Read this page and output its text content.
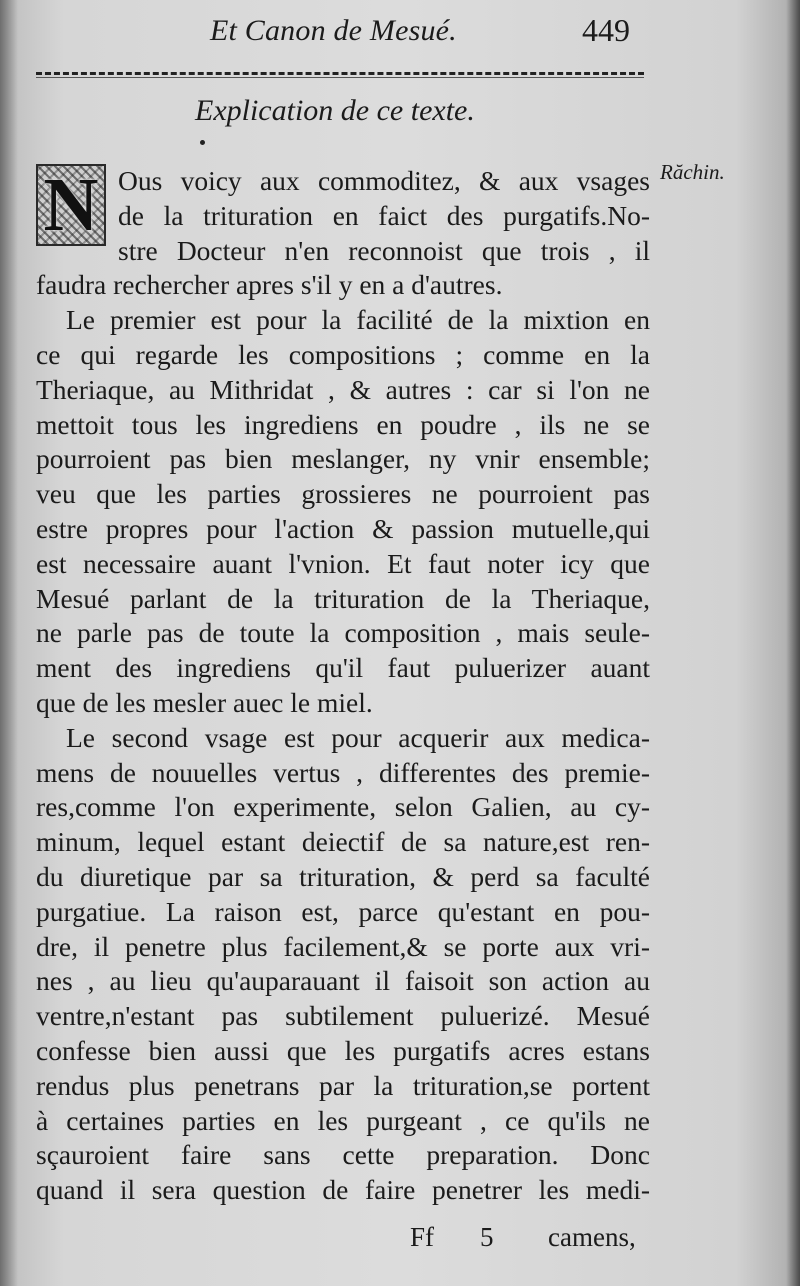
Et Canon de Mesué.	449
Explication de ce texte.
Răchin.
N Ous voicy aux commoditez, & aux vsages
de la trituration en faict des purgatifs.No-
stre Docteur n'en reconnoist que trois , il
faudra rechercher apres s'il y en a d'autres.
Le premier est pour la facilité de la mixtion en
ce qui regarde les compositions ; comme en la
Theriaque, au Mithridat , & autres : car si l'on ne
mettoit tous les ingrediens en poudre , ils ne se
pourroient pas bien meslanger, ny vnir ensemble;
veu que les parties grossieres ne pourroient pas
estre propres pour l'action & passion mutuelle,qui
est necessaire auant l'vnion. Et faut noter icy que
Mesué parlant de la trituration de la Theriaque,
ne parle pas de toute la composition , mais seule-
ment des ingrediens qu'il faut puluerizer auant
que de les mesler auec le miel.
Le second vsage est pour acquerir aux medica-
mens de nouuelles vertus , differentes des premie-
res,comme l'on experimente, selon Galien, au cy-
minum, lequel estant deiectif de sa nature,est ren-
du diuretique par sa trituration, & perd sa faculté
purgatiue. La raison est, parce qu'estant en pou-
dre, il penetre plus facilement,& se porte aux vri-
nes , au lieu qu'auparauant il faisoit son action au
ventre,n'estant pas subtilement puluerizé. Mesué
confesse bien aussi que les purgatifs acres estans
rendus plus penetrans par la trituration,se portent
à certaines parties en les purgeant , ce qu'ils ne
sçauroient faire sans cette preparation. Donc
quand il sera question de faire penetrer les medi-
Ff 5 camens,
